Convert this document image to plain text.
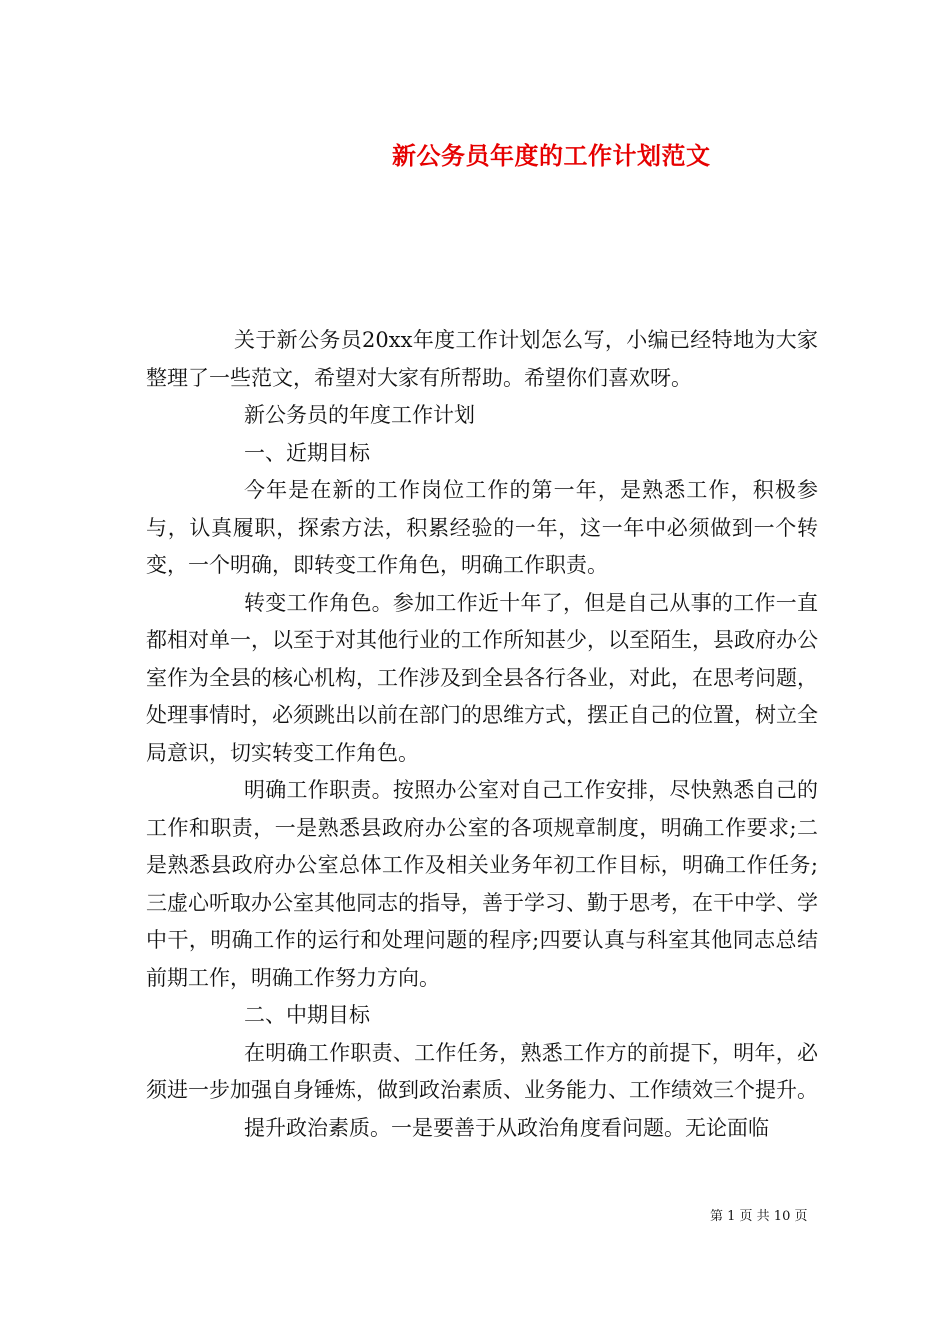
新公务员年度的工作计划范文

关于新公务员20xx年度工作计划怎么写，小编已经特地为大家整理了一些范文，希望对大家有所帮助。希望你们喜欢呀。

新公务员的年度工作计划

一、近期目标

今年是在新的工作岗位工作的第一年，是熟悉工作，积极参与，认真履职，探索方法，积累经验的一年，这一年中必须做到一个转变，一个明确，即转变工作角色，明确工作职责。

转变工作角色。参加工作近十年了，但是自己从事的工作一直都相对单一，以至于对其他行业的工作所知甚少，以至陌生，县政府办公室作为全县的核心机构，工作涉及到全县各行各业，对此，在思考问题，处理事情时，必须跳出以前在部门的思维方式，摆正自己的位置，树立全局意识，切实转变工作角色。

明确工作职责。按照办公室对自己工作安排，尽快熟悉自己的工作和职责，一是熟悉县政府办公室的各项规章制度，明确工作要求;二是熟悉县政府办公室总体工作及相关业务年初工作目标，明确工作任务;三虚心听取办公室其他同志的指导，善于学习、勤于思考，在干中学、学中干，明确工作的运行和处理问题的程序;四要认真与科室其他同志总结前期工作，明确工作努力方向。

二、中期目标

在明确工作职责、工作任务，熟悉工作方的前提下，明年，必须进一步加强自身锤炼，做到政治素质、业务能力、工作绩效三个提升。

提升政治素质。一是要善于从政治角度看问题。无论面临

第 1 页 共 10 页
